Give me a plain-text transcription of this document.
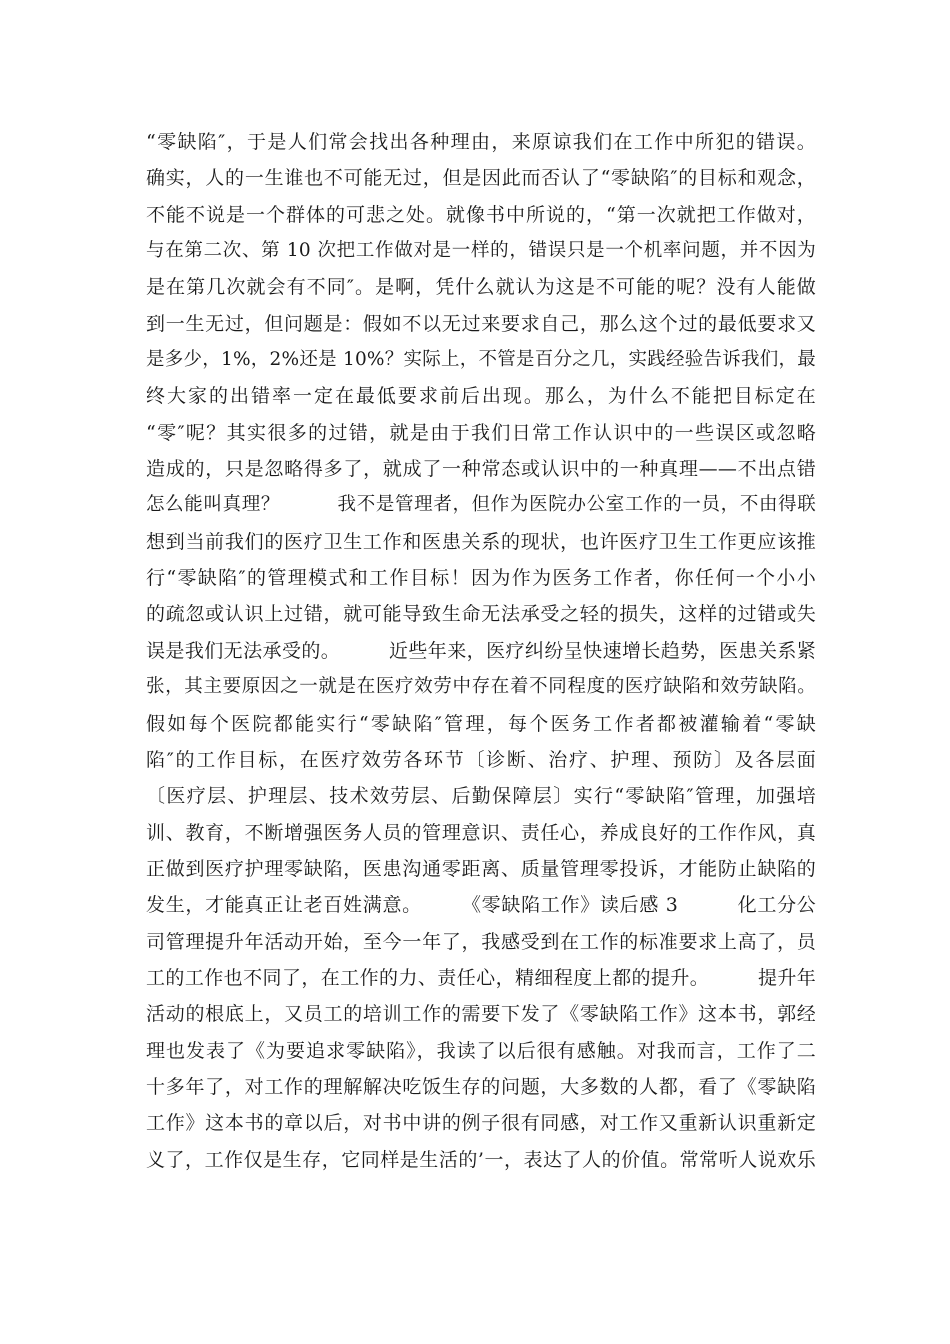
“零缺陷″，于是人们常会找出各种理由，来原谅我们在工作中所犯的错误。
确实，人的一生谁也不可能无过，但是因此而否认了“零缺陷″的目标和观念，
不能不说是一个群体的可悲之处。就像书中所说的，“第一次就把工作做对，
与在第二次、第 10 次把工作做对是一样的，错误只是一个机率问题，并不因为
是在第几次就会有不同″。是啊，凭什么就认为这是不可能的呢？没有人能做
到一生无过，但问题是：假如不以无过来要求自己，那么这个过的最低要求又
是多少，1%，2%还是 10%？实际上，不管是百分之几，实践经验告诉我们，最
终大家的出错率一定在最低要求前后出现。那么，为什么不能把目标定在
“零″呢？其实很多的过错，就是由于我们日常工作认识中的一些误区或忽略
造成的，只是忽略得多了，就成了一种常态或认识中的一种真理——不出点错
怎么能叫真理？　　　我不是管理者，但作为医院办公室工作的一员，不由得联
想到当前我们的医疗卫生工作和医患关系的现状，也许医疗卫生工作更应该推
行“零缺陷″的管理模式和工作目标！因为作为医务工作者，你任何一个小小
的疏忽或认识上过错，就可能导致生命无法承受之轻的损失，这样的过错或失
误是我们无法承受的。　　　近些年来，医疗纠纷呈快速增长趋势，医患关系紧
张，其主要原因之一就是在医疗效劳中存在着不同程度的医疗缺陷和效劳缺陷。
假如每个医院都能实行“零缺陷″管理，每个医务工作者都被灌输着“零缺
陷″的工作目标，在医疗效劳各环节〔诊断、治疗、护理、预防〕及各层面
〔医疗层、护理层、技术效劳层、后勤保障层〕实行“零缺陷″管理，加强培
训、教育，不断增强医务人员的管理意识、责任心，养成良好的工作作风，真
正做到医疗护理零缺陷，医患沟通零距离、质量管理零投诉，才能防止缺陷的
发生，才能真正让老百姓满意。　　　《零缺陷工作》读后感 3　　　化工分公
司管理提升年活动开始，至今一年了，我感受到在工作的标准要求上高了，员
工的工作也不同了，在工作的力、责任心，精细程度上都的提升。　　　提升年
活动的根底上，又员工的培训工作的需要下发了《零缺陷工作》这本书，郭经
理也发表了《为要追求零缺陷》，我读了以后很有感触。对我而言，工作了二
十多年了，对工作的理解解决吃饭生存的问题，大多数的人都，看了《零缺陷
工作》这本书的章以后，对书中讲的例子很有同感，对工作又重新认识重新定
义了，工作仅是生存，它同样是生活的’一，表达了人的价值。常常听人说欢乐
